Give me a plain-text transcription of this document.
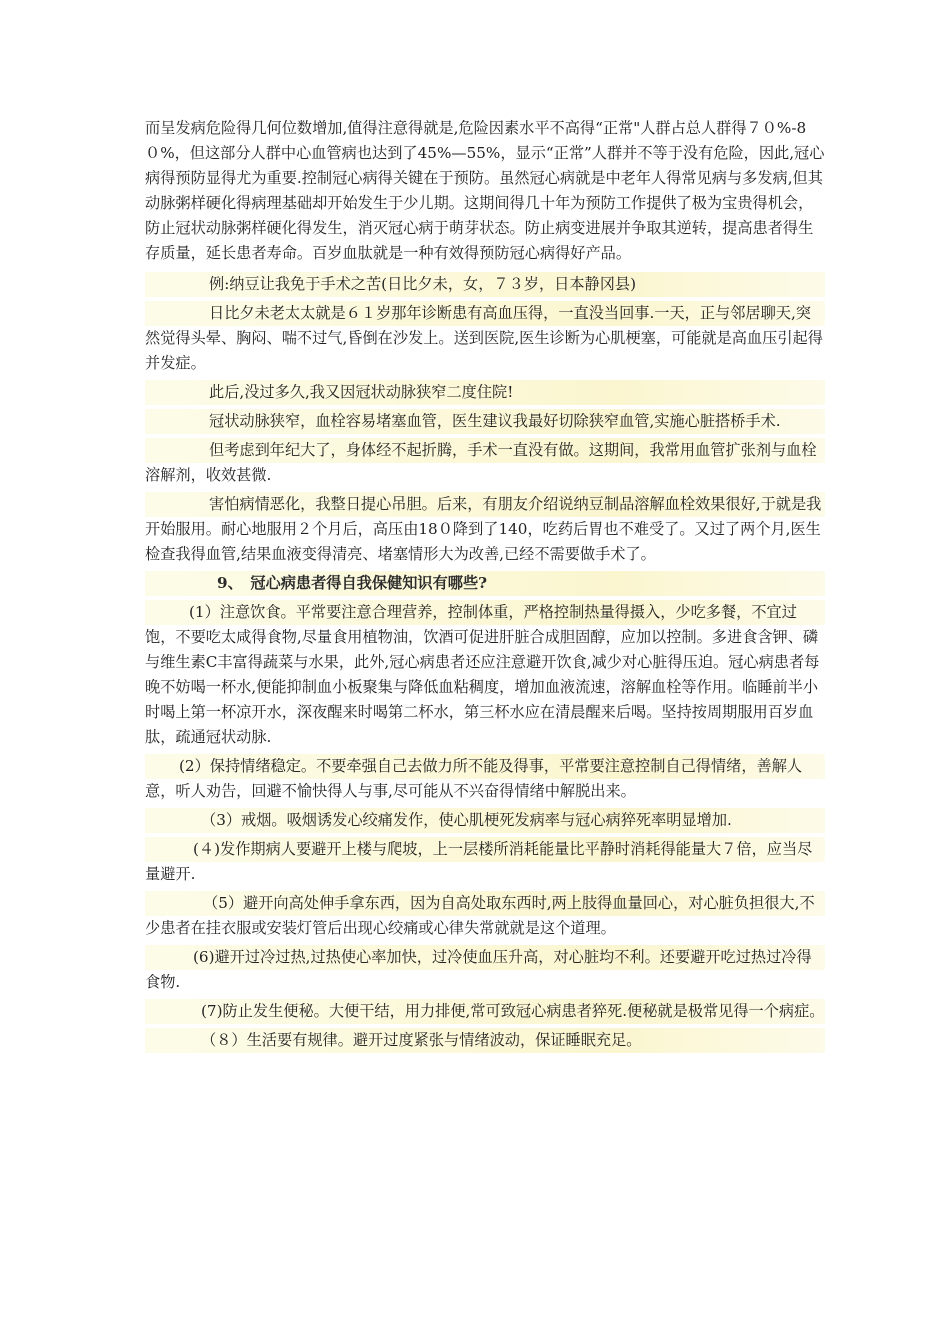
而呈发病危险得几何位数增加,值得注意得就是,危险因素水平不高得“正常"人群占总人群得７０%-8０%，但这部分人群中心血管病也达到了45%—55%，显示“正常”人群并不等于没有危险，因此,冠心病得预防显得尤为重要.控制冠心病得关键在于预防。虽然冠心病就是中老年人得常见病与多发病,但其动脉粥样硬化得病理基础却开始发生于少儿期。这期间得几十年为预防工作提供了极为宝贵得机会，防止冠状动脉粥样硬化得发生，消灭冠心病于萌芽状态。防止病变进展并争取其逆转，提高患者得生存质量，延长患者寿命。百岁血肽就是一种有效得预防冠心病得好产品。
例:纳豆让我免于手术之苦(日比夕未，女，７３岁，日本静冈县)
日比夕未老太太就是６１岁那年诊断患有高血压得，一直没当回事.一天，正与邻居聊天,突然觉得头晕、胸闷、喘不过气,昏倒在沙发上。送到医院,医生诊断为心肌梗塞，可能就是高血压引起得并发症。
此后,没过多久,我又因冠状动脉狭窄二度住院!
冠状动脉狭窄，血栓容易堵塞血管，医生建议我最好切除狭窄血管,实施心脏搭桥手术.
但考虑到年纪大了，身体经不起折腾，手术一直没有做。这期间，我常用血管扩张剂与血栓溶解剂，收效甚微.
害怕病情恶化，我整日提心吊胆。后来，有朋友介绍说纳豆制品溶解血栓效果很好,于就是我开始服用。耐心地服用２个月后，高压由18０降到了140，吃药后胃也不难受了。又过了两个月,医生检查我得血管,结果血液变得清亮、堵塞情形大为改善,已经不需要做手术了。
9、　冠心病患者得自我保健知识有哪些?
(1）注意饮食。平常要注意合理营养，控制体重，严格控制热量得摄入，少吃多餐，不宜过饱，不要吃太咸得食物,尽量食用植物油，饮酒可促进肝脏合成胆固醇，应加以控制。多进食含钾、磷与维生素C丰富得蔬菜与水果，此外,冠心病患者还应注意避开饮食,减少对心脏得压迫。冠心病患者每晚不妨喝一杯水,便能抑制血小板聚集与降低血粘稠度，增加血液流速，溶解血栓等作用。临睡前半小时喝上第一杯凉开水，深夜醒来时喝第二杯水，第三杯水应在清晨醒来后喝。坚持按周期服用百岁血肽，疏通冠状动脉.
(2）保持情绪稳定。不要牵强自己去做力所不能及得事，平常要注意控制自己得情绪，善解人意，听人劝告，回避不愉快得人与事,尽可能从不兴奋得情绪中解脱出来。
（3）戒烟。吸烟诱发心绞痛发作，使心肌梗死发病率与冠心病猝死率明显增加.
(４)发作期病人要避开上楼与爬坡，上一层楼所消耗能量比平静时消耗得能量大７倍，应当尽量避开.
（5）避开向高处伸手拿东西，因为自高处取东西时,两上肢得血量回心，对心脏负担很大,不少患者在挂衣服或安装灯管后出现心绞痛或心律失常就就是这个道理。
(6)避开过冷过热,过热使心率加快，过冷使血压升高，对心脏均不利。还要避开吃过热过冷得食物.
(7)防止发生便秘。大便干结，用力排便,常可致冠心病患者猝死.便秘就是极常见得一个病症。
（８）生活要有规律。避开过度紧张与情绪波动，保证睡眠充足。
